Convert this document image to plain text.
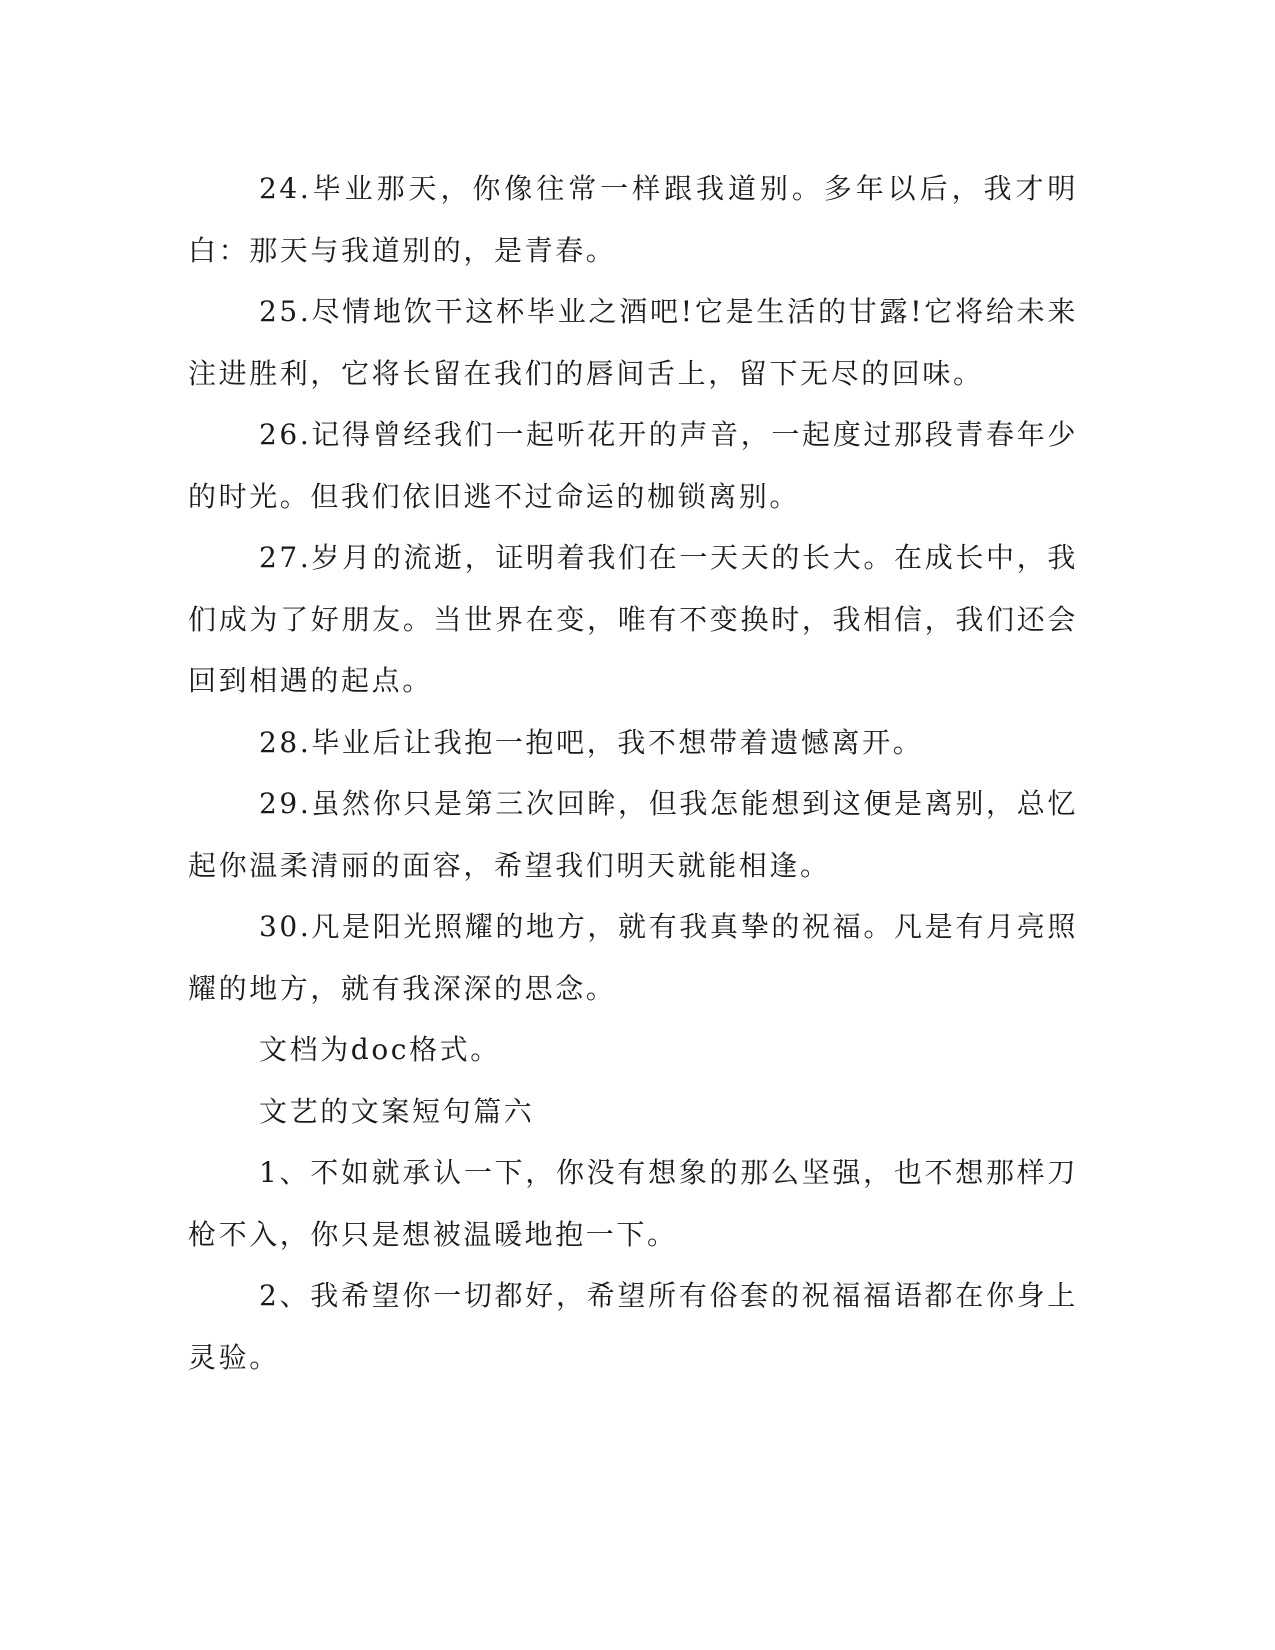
24.毕业那天，你像往常一样跟我道别。多年以后，我才明白：那天与我道别的，是青春。

25.尽情地饮干这杯毕业之酒吧!它是生活的甘露!它将给未来注进胜利，它将长留在我们的唇间舌上，留下无尽的回味。

26.记得曾经我们一起听花开的声音，一起度过那段青春年少的时光。但我们依旧逃不过命运的枷锁离别。

27.岁月的流逝，证明着我们在一天天的长大。在成长中，我们成为了好朋友。当世界在变，唯有不变换时，我相信，我们还会回到相遇的起点。

28.毕业后让我抱一抱吧，我不想带着遗憾离开。

29.虽然你只是第三次回眸，但我怎能想到这便是离别，总忆起你温柔清丽的面容，希望我们明天就能相逢。

30.凡是阳光照耀的地方，就有我真挚的祝福。凡是有月亮照耀的地方，就有我深深的思念。

文档为doc格式。

文艺的文案短句篇六

1、不如就承认一下，你没有想象的那么坚强，也不想那样刀枪不入，你只是想被温暖地抱一下。

2、我希望你一切都好，希望所有俗套的祝福福语都在你身上灵验。
